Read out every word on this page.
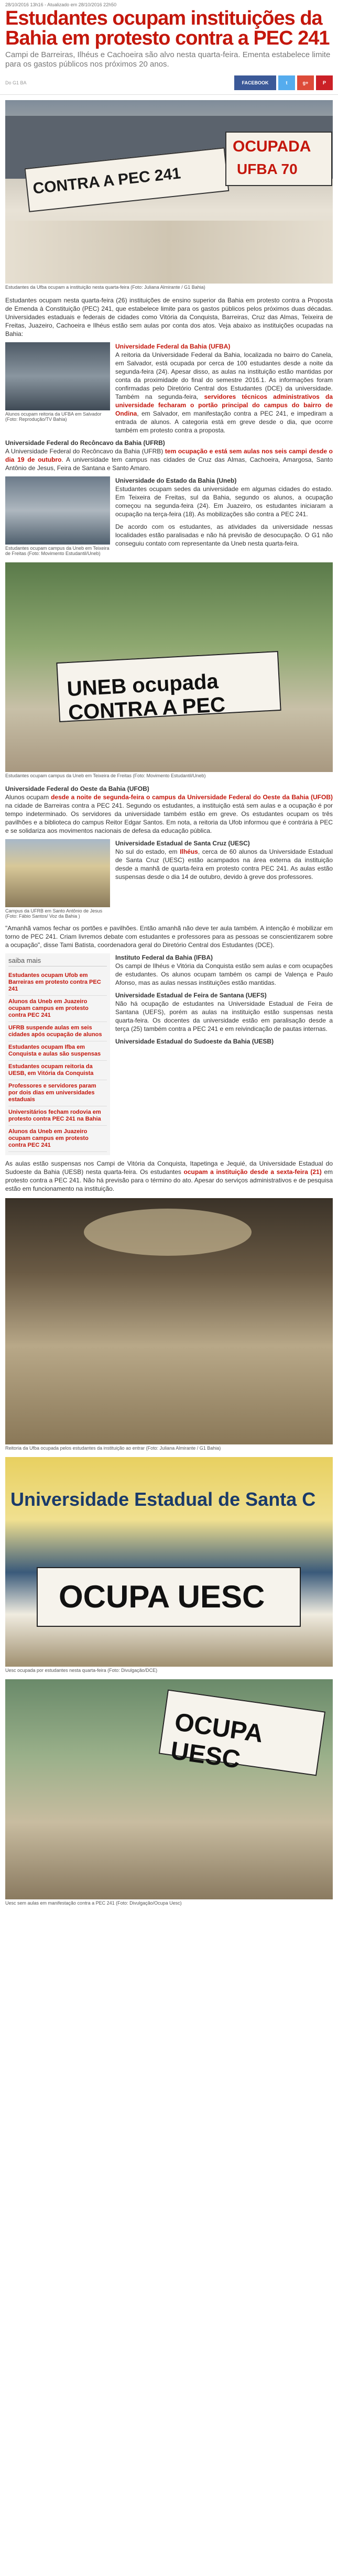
28/10/2016 13h16 - Atualizado em 28/10/2016 22h50
Estudantes ocupam instituições da Bahia em protesto contra a PEC 241
Campi de Barreiras, Ilhéus e Cachoeira são alvo nesta quarta-feira. Ementa estabelece limite para os gastos públicos nos próximos 20 anos.
Do G1 BA	FACEBOOK	t	g+	P
CONTRA A PEC 241
OCUPADA
UFBA 70
Estudantes da Ufba ocupam a instituição nesta quarta-feira (Foto: Juliana Almirante / G1 Bahia)

Estudantes ocupam nesta quarta-feira (26) instituições de ensino superior da Bahia em protesto contra a Proposta de Emenda à Constituição (PEC) 241, que estabelece limite para os gastos públicos pelos próximos duas décadas. Universidades estaduais e federais de cidades como Vitória da Conquista, Barreiras, Cruz das Almas, Teixeira de Freitas, Juazeiro, Cachoeira e Ilhéus estão sem aulas por conta dos atos. Veja abaixo as instituições ocupadas na Bahia:

Alunos ocupam reitoria da UFBA em Salvador (Foto: Reprodução/TV Bahia)
Universidade Federal da Bahia (UFBA)
A reitoria da Universidade Federal da Bahia, localizada no bairro do Canela, em Salvador, está ocupada por cerca de 100 estudantes desde a noite da segunda-feira (24). Apesar disso, as aulas na instituição estão mantidas por conta da proximidade do final do semestre 2016.1. As informações foram confirmadas pelo Diretório Central dos Estudantes (DCE) da universidade. Também na segunda-feira, servidores técnicos administrativos da universidade fecharam o portão principal do campus do bairro de Ondina, em Salvador, em manifestação contra a PEC 241, e impediram a entrada de alunos. A categoria está em greve desde o dia, que ocorre também em protesto contra a proposta.
Universidade Federal do Recôncavo da Bahia (UFRB)
A Universidade Federal do Recôncavo da Bahia (UFRB) tem ocupação e está sem aulas nos seis campi desde o dia 19 de outubro. A universidade tem campus nas cidades de Cruz das Almas, Cachoeira, Amargosa, Santo Antônio de Jesus, Feira de Santana e Santo Amaro.
Estudantes ocupam campus da Uneb em Teixeira de Freitas (Foto: Movimento Estudantil/Uneb)
Universidade do Estado da Bahia (Uneb)
Estudantes ocupam sedes da universidade em algumas cidades do estado. Em Teixeira de Freitas, sul da Bahia, segundo os alunos, a ocupação começou na segunda-feira (24). Em Juazeiro, os estudantes iniciaram a ocupação na terça-feira (18). As mobilizações são contra a PEC 241.
De acordo com os estudantes, as atividades da universidade nessas localidades estão paralisadas e não há previsão de desocupação. O G1 não conseguiu contato com representante da Uneb nesta quarta-feira.
UNEB ocupada CONTRA A PEC
Estudantes ocupam campus da Uneb em Teixeira de Freitas (Foto: Movimento Estudantil/Uneb)
Universidade Federal do Oeste da Bahia (UFOB)
Alunos ocupam desde a noite de segunda-feira o campus da Universidade Federal do Oeste da Bahia (UFOB) na cidade de Barreiras contra a PEC 241. Segundo os estudantes, a instituição está sem aulas e a ocupação é por tempo indeterminado. Os servidores da universidade também estão em greve. Os estudantes ocupam os três pavilhões e a biblioteca do campus Reitor Edgar Santos. Em nota, a reitoria da Ufob informou que é contrária à PEC e se solidariza aos movimentos nacionais de defesa da educação pública.
Campus da UFRB em Santo Antônio de Jesus (Foto: Fábio Santos/ Voz da Bahia )
Universidade Estadual de Santa Cruz (UESC)
No sul do estado, em Ilhéus, cerca de 60 alunos da Universidade Estadual de Santa Cruz (UESC) estão acampados na área externa da instituição desde a manhã de quarta-feira em protesto contra PEC 241. As aulas estão suspensas desde o dia 14 de outubro, devido à greve dos professores.

"Amanhã vamos fechar os portões e pavilhões. Então amanhã não deve ter aula também. A intenção é mobilizar em torno de PEC 241. Criam livremos debate com estudantes e professores para as pessoas se conscientizarem sobre a ocupação", disse Tami Batista, coordenadora geral do Diretório Central dos Estudantes (DCE).

saiba mais
Estudantes ocupam Ufob em Barreiras em protesto contra PEC 241
Alunos da Uneb em Juazeiro ocupam campus em protesto contra PEC 241
UFRB suspende aulas em seis cidades após ocupação de alunos
Estudantes ocupam Ifba em Conquista e aulas são suspensas
Estudantes ocupam reitoria da UESB, em Vitória da Conquista
Professores e servidores param por dois dias em universidades estaduais
Universitários fecham rodovia em protesto contra PEC 241 na Bahia
Alunos da Uneb em Juazeiro ocupam campus em protesto contra PEC 241
Instituto Federal da Bahia (IFBA)
Os campi de Ilhéus e Vitória da Conquista estão sem aulas e com ocupações de estudantes. Os alunos ocupam também os campi de Valença e Paulo Afonso, mas as aulas nessas instituições estão mantidas.
Universidade Estadual de Feira de Santana (UEFS)
Não há ocupação de estudantes na Universidade Estadual de Feira de Santana (UEFS), porém as aulas na instituição estão suspensas nesta quarta-feira. Os docentes da universidade estão em paralisação desde a terça (25) também contra a PEC 241 e em reivindicação de pautas internas.
Universidade Estadual do Sudoeste da Bahia (UESB)
As aulas estão suspensas nos Campi de Vitória da Conquista, Itapetinga e Jequié, da Universidade Estadual do Sudoeste da Bahia (UESB) nesta quarta-feira. Os estudantes ocupam a instituição desde a sexta-feira (21) em protesto contra a PEC 241. Não há previsão para o término do ato. Apesar do serviços administrativos e de pesquisa estão em funcionamento na instituição.
Reitoria da Ufba ocupada pelos estudantes da instituição ao entrar (Foto: Juliana Almirante / G1 Bahia)
Universidade Estadual de Santa C
OCUPA UESC
Uesc ocupada por estudantes nesta quarta-feira (Foto: Divulgação/DCE)
OCUPA UESC
Uesc sem aulas em manifestação contra a PEC 241 (Foto: Divulgação/Ocupa Uesc)
